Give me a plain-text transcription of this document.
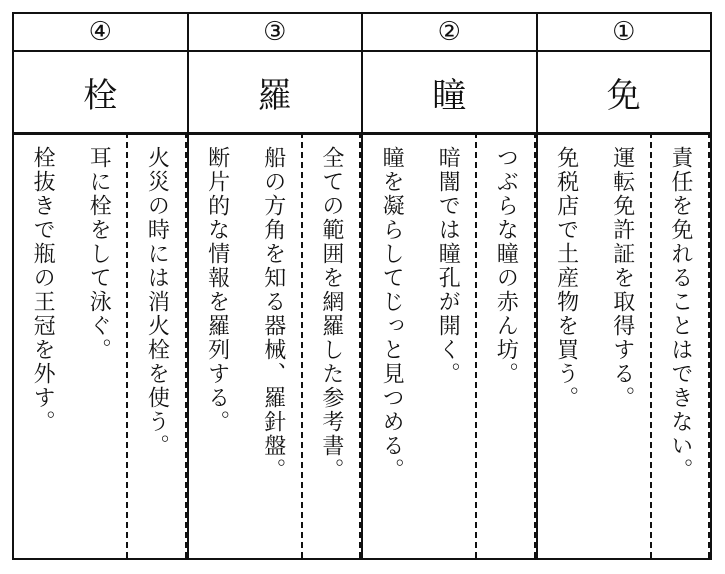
④
栓
火災の時には消火栓を使う。
耳に栓をして泳ぐ。
栓抜きで瓶の王冠を外す。
③
羅
全ての範囲を網羅した参考書。
船の方角を知る器械、羅針盤。
断片的な情報を羅列する。
②
瞳
つぶらな瞳の赤ん坊。
暗闇では瞳孔が開く。
瞳を凝らしてじっと見つめる。
①
免
責任を免れることはできない。
運転免許証を取得する。
免税店で土産物を買う。
